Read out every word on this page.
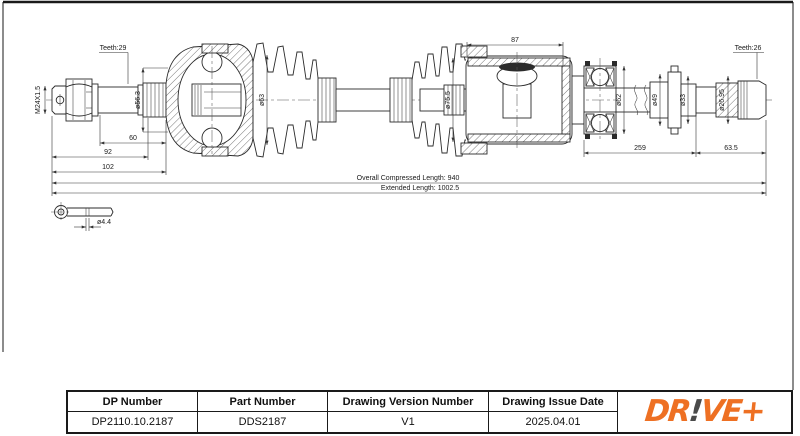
ø4.4
M24X1.5
Teeth:29
ø56.3	ø63	ø75.5
87
ø62	ø49	ø33	ø26.95
Teeth:26
60
92
102
259	63.5
Overall Compressed Length: 940
Extended Length: 1002.5
DP Number	Part Number	Drawing Version Number	Drawing Issue Date	DR!VE+
DP2110.10.2187	DDS2187	V1	2025.04.01
